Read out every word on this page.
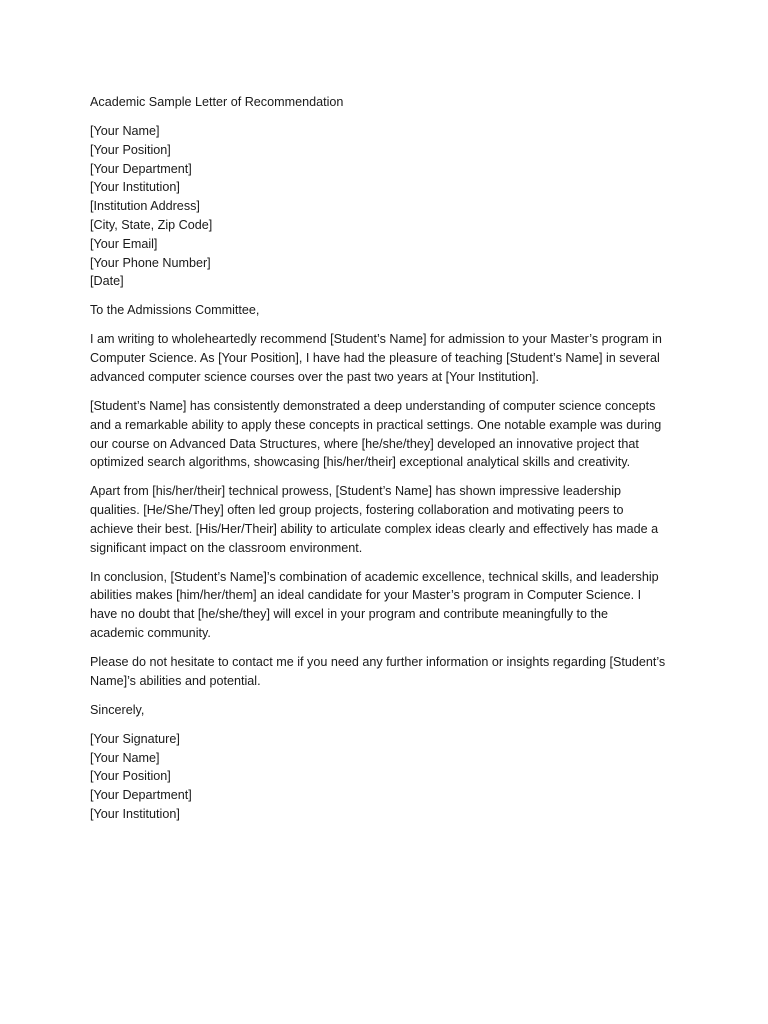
Academic Sample Letter of Recommendation
[Your Name]
[Your Position]
[Your Department]
[Your Institution]
[Institution Address]
[City, State, Zip Code]
[Your Email]
[Your Phone Number]
[Date]
To the Admissions Committee,
I am writing to wholeheartedly recommend [Student’s Name] for admission to your Master’s program in
Computer Science. As [Your Position], I have had the pleasure of teaching [Student’s Name] in several
advanced computer science courses over the past two years at [Your Institution].
[Student’s Name] has consistently demonstrated a deep understanding of computer science concepts
and a remarkable ability to apply these concepts in practical settings. One notable example was during
our course on Advanced Data Structures, where [he/she/they] developed an innovative project that
optimized search algorithms, showcasing [his/her/their] exceptional analytical skills and creativity.
Apart from [his/her/their] technical prowess, [Student’s Name] has shown impressive leadership
qualities. [He/She/They] often led group projects, fostering collaboration and motivating peers to
achieve their best. [His/Her/Their] ability to articulate complex ideas clearly and effectively has made a
significant impact on the classroom environment.
In conclusion, [Student’s Name]’s combination of academic excellence, technical skills, and leadership
abilities makes [him/her/them] an ideal candidate for your Master’s program in Computer Science. I
have no doubt that [he/she/they] will excel in your program and contribute meaningfully to the
academic community.
Please do not hesitate to contact me if you need any further information or insights regarding [Student’s
Name]’s abilities and potential.
Sincerely,
[Your Signature]
[Your Name]
[Your Position]
[Your Department]
[Your Institution]
